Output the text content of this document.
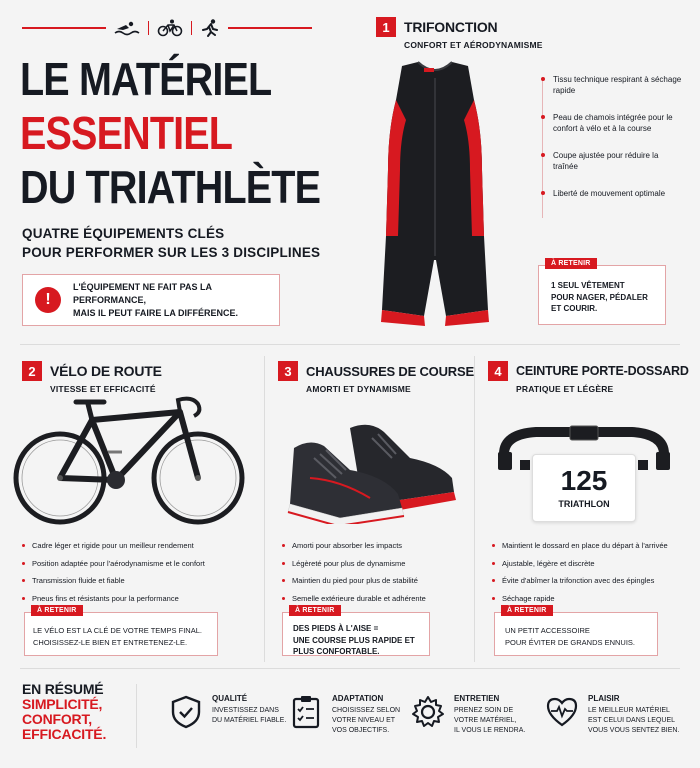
LE MATÉRIEL
ESSENTIEL
DU TRIATHLÈTE
QUATRE ÉQUIPEMENTS CLÉS
POUR PERFORMER SUR LES 3 DISCIPLINES
!
L'ÉQUIPEMENT NE FAIT PAS LA PERFORMANCE,
MAIS IL PEUT FAIRE LA DIFFÉRENCE.
1	TRIFONCTION
CONFORT ET AÉRODYNAMISME
Tissu technique respirant à séchage rapide
Peau de chamois intégrée pour le confort à vélo et à la course
Coupe ajustée pour réduire la traînée
Liberté de mouvement optimale
À RETENIR
1 SEUL VÊTEMENT
POUR NAGER, PÉDALER
ET COURIR.
2	VÉLO DE ROUTE
VITESSE ET EFFICACITÉ
Cadre léger et rigide pour un meilleur rendement
Position adaptée pour l'aérodynamisme et le confort
Transmission fluide et fiable
Pneus fins et résistants pour la performance
À RETENIR
LE VÉLO EST LA CLÉ DE VOTRE TEMPS FINAL.
CHOISISSEZ-LE BIEN ET ENTRETENEZ-LE.
3	CHAUSSURES DE COURSE
AMORTI ET DYNAMISME
Amorti pour absorber les impacts
Légèreté pour plus de dynamisme
Maintien du pied pour plus de stabilité
Semelle extérieure durable et adhérente
À RETENIR
DES PIEDS À L'AISE =
UNE COURSE PLUS RAPIDE ET
PLUS CONFORTABLE.
4	CEINTURE PORTE-DOSSARD
PRATIQUE ET LÉGÈRE
125
TRIATHLON
Maintient le dossard en place du départ à l'arrivée
Ajustable, légère et discrète
Évite d'abîmer la trifonction avec des épingles
Séchage rapide
À RETENIR
UN PETIT ACCESSOIRE
POUR ÉVITER DE GRANDS ENNUIS.
EN RÉSUMÉ
SIMPLICITÉ,
CONFORT,
EFFICACITÉ.
QUALITÉ
INVESTISSEZ DANS
DU MATÉRIEL FIABLE.
ADAPTATION
CHOISISSEZ SELON
VOTRE NIVEAU ET
VOS OBJECTIFS.
ENTRETIEN
PRENEZ SOIN DE
VOTRE MATÉRIEL,
IL VOUS LE RENDRA.
PLAISIR
LE MEILLEUR MATÉRIEL
EST CELUI DANS LEQUEL
VOUS VOUS SENTEZ BIEN.
